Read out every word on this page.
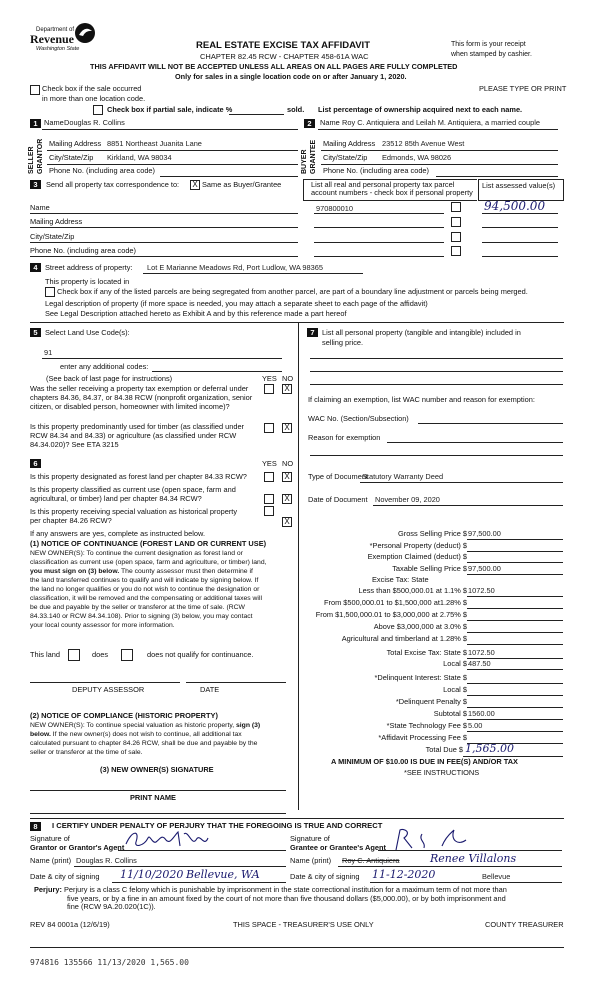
Department of
Revenue
Washington State	REAL ESTATE EXCISE TAX AFFIDAVIT
CHAPTER 82.45 RCW - CHAPTER 458-61A WAC
This form is your receipt
when stamped by cashier.
THIS AFFIDAVIT WILL NOT BE ACCEPTED UNLESS ALL AREAS ON ALL PAGES ARE FULLY COMPLETED
Only for sales in a single location code on or after January 1, 2020.
Check box if the sale occurred
in more than one location code.
PLEASE TYPE OR PRINT
Check box if partial sale, indicate %	sold. List percentage of ownership acquired next to each name.
1 Name Douglas R. Collins
SELLER GRANTOR Mailing Address 8851 Northeast Juanita Lane
City/State/Zip Kirkland, WA 98034
Phone No. (including area code)
2	Name Roy C. Antiquiera and Leilah M. Antiquiera, a married couple
BUYER GRANTEE Mailing Address 23512 85th Avenue West
City/State/Zip Edmonds, WA 98026
Phone No. (including area code)
3	Send all property tax correspondence to: X Same as Buyer/Grantee
Name
Mailing Address
City/State/Zip
Phone No. (including area code)
List all real and personal property tax parcel
account numbers - check box if personal property
List assessed value(s)
970800010	94,500.00
4	Street address of property: Lot E Marianne Meadows Rd, Port Ludlow, WA 98365
This property is located in
Check box if any of the listed parcels are being segregated from another parcel, are part of a boundary line adjustment or parcels being merged.
Legal description of property (if more space is needed, you may attach a separate sheet to each page of the affidavit)
See Legal Description attached hereto as Exhibit A and by this reference made a part hereof
5	Select Land Use Code(s):
91
enter any additional codes:
(See back of last page for instructions)	YES NO
Was the seller receiving a property tax exemption or deferral under
chapters 84.36, 84.37, or 84.38 RCW (nonprofit organization, senior
citizen, or disabled person, homeowner with limited income)?
X
Is this property predominantly used for timber (as classified under
RCW 84.34 and 84.33) or agriculture (as classified under RCW
84.34.020)? See ETA 3215
X
6	YES NO
Is this property designated as forest land per chapter 84.33 RCW?	X
Is this property classified as current use (open space, farm and
agricultural, or timber) land per chapter 84.34 RCW?	X
Is this property receiving special valuation as historical property
per chapter 84.26 RCW?	X
If any answers are yes, complete as instructed below.
(1) NOTICE OF CONTINUANCE (FOREST LAND OR CURRENT USE)
NEW OWNER(S): To continue the current designation as forest land or
classification as current use (open space, farm and agriculture, or timber) land,
you must sign on (3) below. The county assessor must then determine if
the land transferred continues to qualify and will indicate by signing below. If
the land no longer qualifies or you do not wish to continue the designation or
classification, it will be removed and the compensating or additional taxes will
be due and payable by the seller or transferor at the time of sale. (RCW
84.33.140 or RCW 84.34.108). Prior to signing (3) below, you may contact
your local county assessor for more information.
This land	does	does not qualify for continuance.
DEPUTY ASSESSOR	DATE
(2) NOTICE OF COMPLIANCE (HISTORIC PROPERTY)
NEW OWNER(S): To continue special valuation as historic property, sign (3)
below. If the new owner(s) does not wish to continue, all additional tax
calculated pursuant to chapter 84.26 RCW, shall be due and payable by the
seller or transferor at the time of sale.
(3) NEW OWNER(S) SIGNATURE
PRINT NAME
7	List all personal property (tangible and intangible) included in
selling price.
If claiming an exemption, list WAC number and reason for exemption:
WAC No. (Section/Subsection)
Reason for exemption
Type of Document
Statutory Warranty Deed
Date of Document November 09, 2020
Gross Selling Price $ 97,500.00
*Personal Property (deduct) $
Exemption Claimed (deduct) $
Taxable Selling Price $ 97,500.00
Excise Tax: State
Less than $500,000.01 at 1.1% $ 1072.50
From $500,000.01 to $1,500,000 at1.28% $
From $1,500,000.01 to $3,000,000 at 2.75% $
Above $3,000,000 at 3.0% $
Agricultural and timberland at 1.28% $
Total Excise Tax: State $ 1072.50
Local $ 487.50
*Delinquent Interest: State $
Local $
*Delinquent Penalty $
Subtotal $ 1560.00
*State Technology Fee $ 5.00
*Affidavit Processing Fee $
Total Due $ 1,565.00
A MINIMUM OF $10.00 IS DUE IN FEE(S) AND/OR TAX
*SEE INSTRUCTIONS
8	I CERTIFY UNDER PENALTY OF PERJURY THAT THE FOREGOING IS TRUE AND CORRECT
Signature of
Grantor or Grantor's Agent
Signature of
Grantee or Grantee's Agent
Name (print) Douglas R. Collins	Name (print) Roy C. Antiquiera	Renee Villalons
Date & city of signing 11/10/2020 Bellevue, WA	Date & city of signing 11-12-2020	Bellevue
Perjury: Perjury is a class C felony which is punishable by imprisonment in the state correctional institution for a maximum term of not more than
five years, or by a fine in an amount fixed by the court of not more than five thousand dollars ($5,000.00), or by both imprisonment and
fine (RCW 9A.20.020(1C)).
REV 84 0001a (12/6/19)	THIS SPACE - TREASURER'S USE ONLY	COUNTY TREASURER
974816 135566 11/13/2020 1,565.00
